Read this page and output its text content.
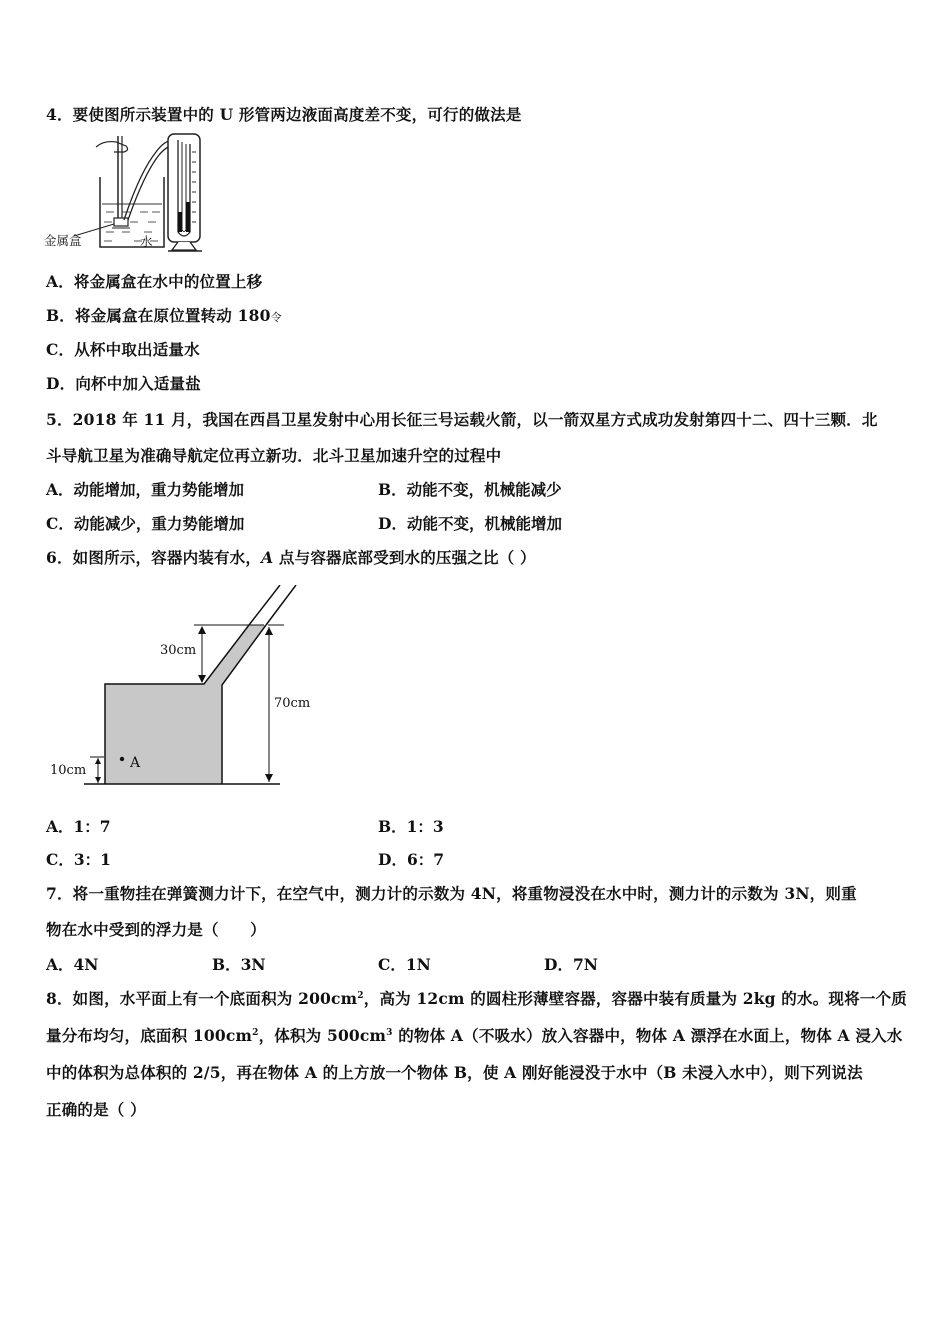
4．要使图所示装置中的 U 形管两边液面高度差不变，可行的做法是
金属盒	水
A．将金属盒在水中的位置上移
B．将金属盒在原位置转动 180令
C．从杯中取出适量水
D．向杯中加入适量盐
5．2018 年 11 月，我国在西昌卫星发射中心用长征三号运载火箭，以一箭双星方式成功发射第四十二、四十三颗．北
斗导航卫星为准确导航定位再立新功．北斗卫星加速升空的过程中
A．动能增加，重力势能增加	B．动能不变，机械能减少
C．动能减少，重力势能增加	D．动能不变，机械能增加
6．如图所示，容器内装有水，A 点与容器底部受到水的压强之比（ ）
30cm
70cm
10cm	A
A．1：7	B．1：3
C．3：1	D．6：7
7．将一重物挂在弹簧测力计下，在空气中，测力计的示数为 4N，将重物浸没在水中时，测力计的示数为 3N，则重
物在水中受到的浮力是（　　）
A．4N	B．3N	C．1N	D．7N
8．如图，水平面上有一个底面积为 $200cm^2$，高为 12cm 的圆柱形薄壁容器，容器中装有质量为 2kg 的水。现将一个质
量分布均匀，底面积 $100cm^2$，体积为 $500cm^3$ 的物体 A（不吸水）放入容器中，物体 A 漂浮在水面上，物体 A 浸入水
中的体积为总体积的 2/5，再在物体 A 的上方放一个物体 B，使 A 刚好能浸没于水中（B 未浸入水中），则下列说法
正确的是（ ）
